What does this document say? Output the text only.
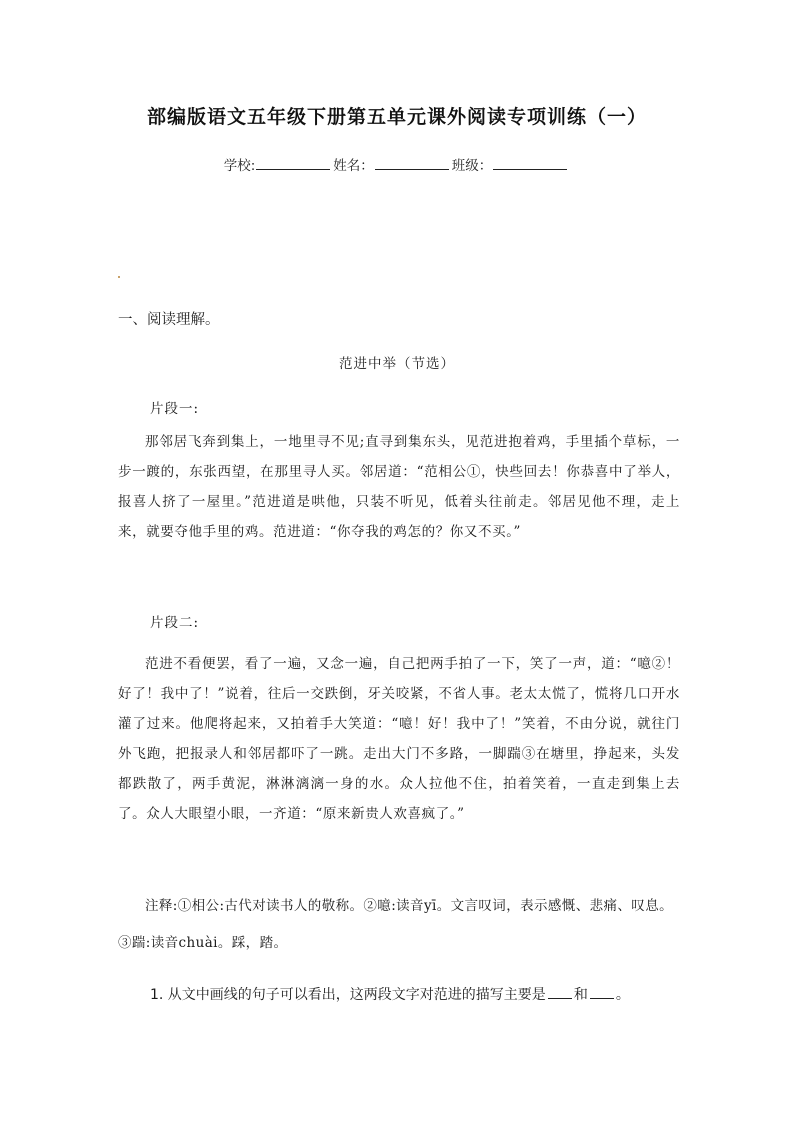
部编版语文五年级下册第五单元课外阅读专项训练（一）
学校:	姓名：	班级：
一、阅读理解。
范进中举（节选）
片段一:
那邻居飞奔到集上，一地里寻不见;直寻到集东头，见范进抱着鸡，手里插个草标，一步一踱的，东张西望，在那里寻人买。邻居道：“范相公①，快些回去！你恭喜中了举人，报喜人挤了一屋里。”范进道是哄他，只装不听见，低着头往前走。邻居见他不理，走上来，就要夺他手里的鸡。范进道：“你夺我的鸡怎的？你又不买。”
片段二:
范进不看便罢，看了一遍，又念一遍，自己把两手拍了一下，笑了一声，道：“噫②！好了！我中了！”说着，往后一交跌倒，牙关咬紧，不省人事。老太太慌了，慌将几口开水灌了过来。他爬将起来，又拍着手大笑道：“噫！好！我中了！”笑着，不由分说，就往门外飞跑，把报录人和邻居都吓了一跳。走出大门不多路，一脚踹③在塘里，挣起来，头发都跌散了，两手黄泥，淋淋漓漓一身的水。众人拉他不住，拍着笑着，一直走到集上去了。众人大眼望小眼，一齐道：“原来新贵人欢喜疯了。”
注释:①相公:古代对读书人的敬称。②噫:读音yī。文言叹词，表示感慨、悲痛、叹息。③踹:读音chuài。踩，踏。
1. 从文中画线的句子可以看出，这两段文字对范进的描写主要是 和 。
